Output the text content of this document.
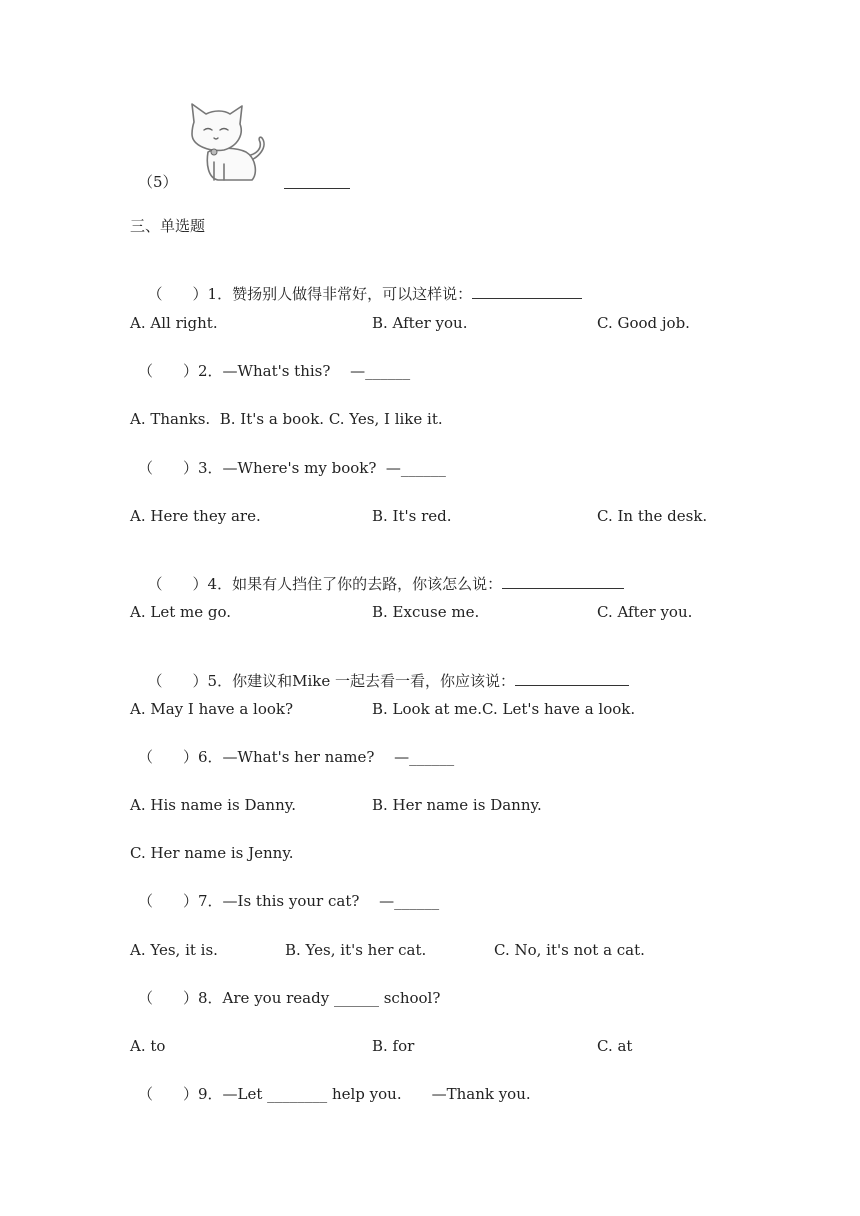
（5）
三、单选题

（　　）1．赞扬别人做得非常好，可以这样说：

A. All right.	B. After you.	C. Good job.
（　　）2．—What's this?　 —______
A. Thanks.  B. It's a book. C. Yes, I like it.
（　　）3．—Where's my book?  —______
A. Here they are.	B. It's red.	C. In the desk.

（　　）4．如果有人挡住了你的去路，你该怎么说：

A. Let me go.	B. Excuse me.	C. After you.

（　　）5．你建议和Mike 一起去看一看，你应该说：

A. May I have a look?	B. Look at me.C. Let's have a look.
（　　）6．—What's her name?　 —______
A. His name is Danny.	B. Her name is Danny.
C. Her name is Jenny.
（　　）7．—Is this your cat?　 —______
A. Yes, it is.	B. Yes, it's her cat.	C. No, it's not a cat.
（　　）8．Are you ready ______ school?
A. to	B. for	C. at
（　　）9．—Let ________ help you.　　—Thank you.
